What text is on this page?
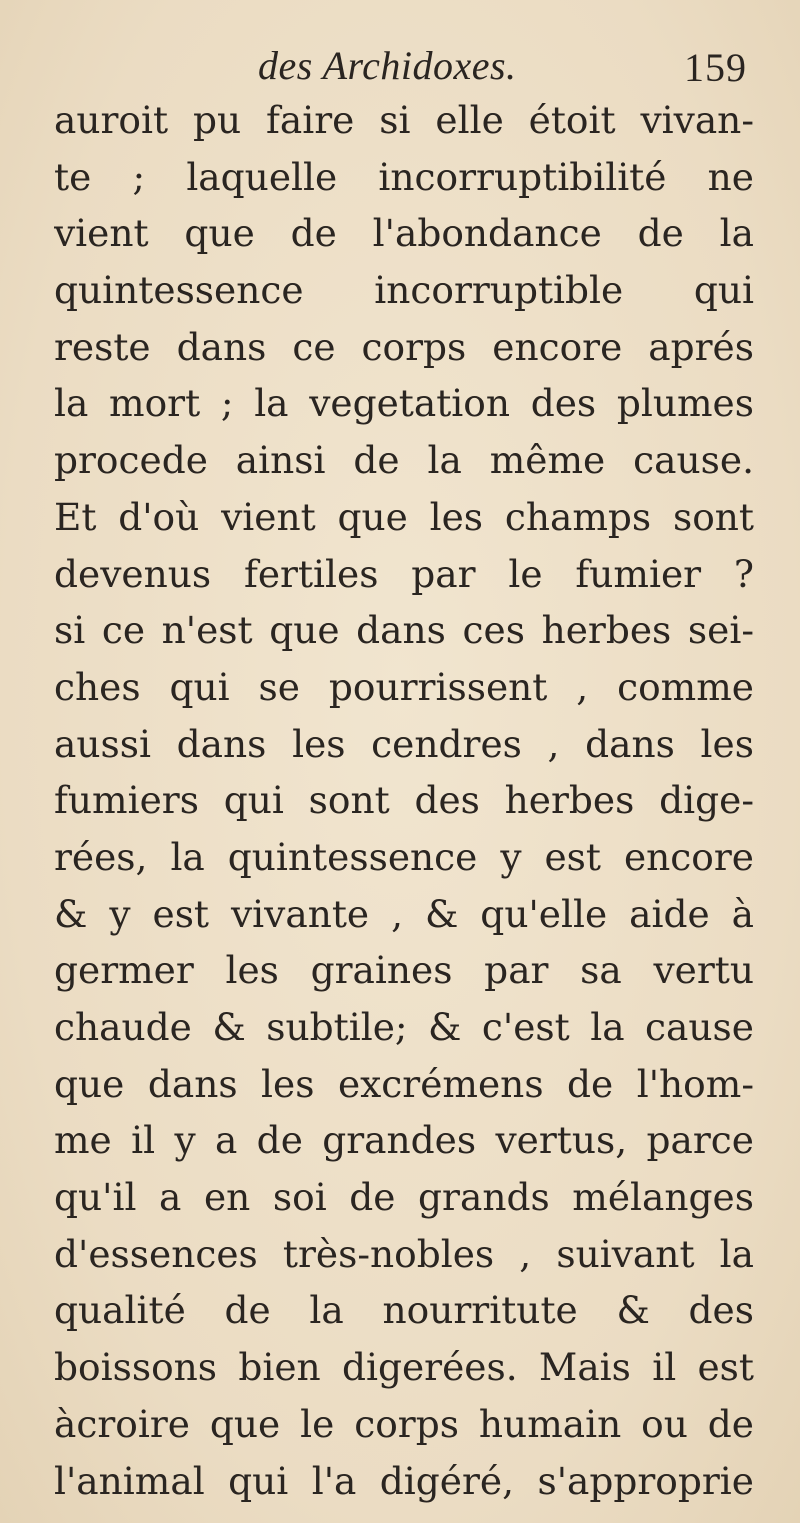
des Archidoxes.	159
auroit pu faire si elle étoit vivan-
te ; laquelle incorruptibilité ne
vient que de l'abondance de la
quintessence incorruptible qui
reste dans ce corps encore aprés
la mort ; la vegetation des plumes
procede ainsi de la même cause.
Et d'où vient que les champs sont
devenus fertiles par le fumier ?
si ce n'est que dans ces herbes sei-
ches qui se pourrissent , comme
aussi dans les cendres , dans les
fumiers qui sont des herbes dige-
rées, la quintessence y est encore
& y est vivante , & qu'elle aide à
germer les graines par sa vertu
chaude & subtile; & c'est la cause
que dans les excrémens de l'hom-
me il y a de grandes vertus, parce
qu'il a en soi de grands mélanges
d'essences très-nobles , suivant la
qualité de la nourritute & des
boissons bien digerées. Mais il est
àcroire que le corps humain ou de
l'animal qui l'a digéré, s'approprie
